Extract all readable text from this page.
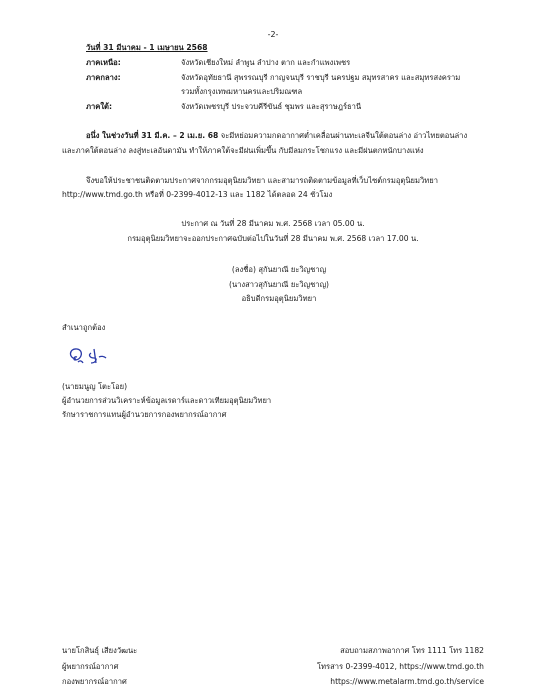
-2-
วันที่ 31 มีนาคม - 1 เมษายน 2568
ภาคเหนือ:	จังหวัดเชียงใหม่ ลำพูน ลำปาง ตาก และกำแพงเพชร
ภาคกลาง:	จังหวัดอุทัยธานี สุพรรณบุรี กาญจนบุรี ราชบุรี นครปฐม สมุทรสาคร และสมุทรสงคราม
รวมทั้งกรุงเทพมหานครและปริมณฑล
ภาคใต้:	จังหวัดเพชรบุรี ประจวบคีรีขันธ์ ชุมพร และสุราษฎร์ธานี
อนึ่ง ในช่วงวันที่ 31 มี.ค. – 2 เม.ย. 68 จะมีหย่อมความกดอากาศต่ำเคลื่อนผ่านทะเลจีนใต้ตอนล่าง อ่าวไทยตอนล่าง
และภาคใต้ตอนล่าง ลงสู่ทะเลอันดามัน ทำให้ภาคใต้จะมีฝนเพิ่มขึ้น กับมีลมกระโชกแรง และมีฝนตกหนักบางแห่ง
จึงขอให้ประชาชนติดตามประกาศจากกรมอุตุนิยมวิทยา และสามารถติดตามข้อมูลที่เว็บไซต์กรมอุตุนิยมวิทยา
http://www.tmd.go.th หรือที่ 0-2399-4012-13 และ 1182 ได้ตลอด 24 ชั่วโมง
ประกาศ ณ วันที่ 28 มีนาคม พ.ศ. 2568 เวลา 05.00 น.
กรมอุตุนิยมวิทยาจะออกประกาศฉบับต่อไปในวันที่ 28 มีนาคม พ.ศ. 2568 เวลา 17.00 น.
(ลงชื่อ) สุกันยาณี ยะวิญชาญ
(นางสาวสุกันยาณี ยะวิญชาญ)
อธิบดีกรมอุตุนิยมวิทยา
สำเนาถูกต้อง
(นายมนูญ โตะโอย)
ผู้อำนวยการส่วนวิเคราะห์ข้อมูลเรดาร์และดาวเทียมอุตุนิยมวิทยา
รักษาราชการแทนผู้อำนวยการกองพยากรณ์อากาศ
นายโกสินธุ์ เสียงวัฒนะ
ผู้พยากรณ์อากาศ
กองพยากรณ์อากาศ
สอบถามสภาพอากาศ โทร 1111 โทร 1182
โทรสาร 0-2399-4012, https://www.tmd.go.th
https://www.metalarm.tmd.go.th/service
